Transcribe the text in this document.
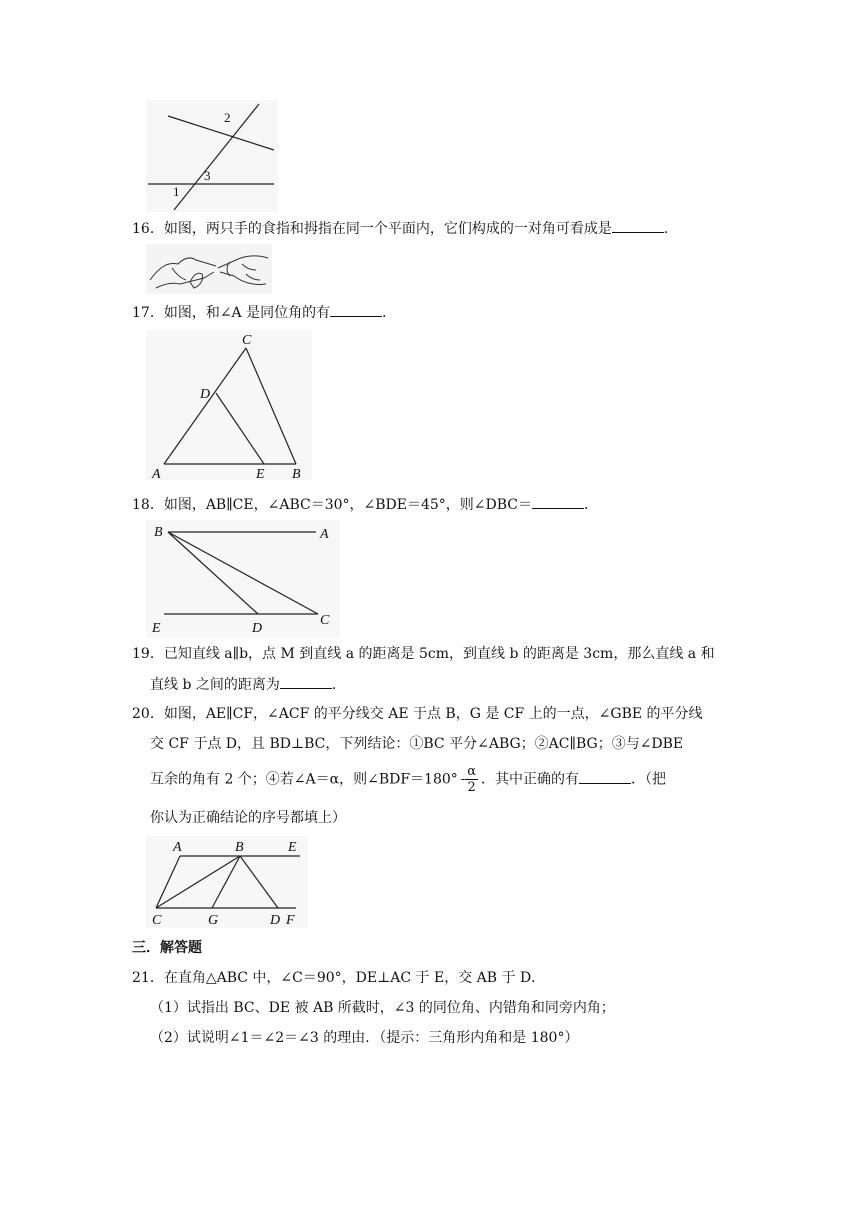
2
3
1
16．如图，两只手的食指和拇指在同一个平面内，它们构成的一对角可看成是	．
17．如图，和∠A 是同位角的有	．
C
D
A	E B
18．如图，AB∥CE，∠ABC＝30°，∠BDE＝45°，则∠DBC＝	．
B	A
E	D
C
19．已知直线 a∥b，点 M 到直线 a 的距离是 5cm，到直线 b 的距离是 3cm，那么直线 a 和
直线 b 之间的距离为	．
20．如图，AE∥CF，∠ACF 的平分线交 AE 于点 B，G 是 CF 上的一点，∠GBE 的平分线
交 CF 于点 D，且 BD⊥BC，下列结论：①BC 平分∠ABG；②AC∥BG；③与∠DBE
互余的角有 2 个；④若∠A＝α，则∠BDF＝180° - $\frac{\alpha}{2}$ ．其中正确的有	．（把
你认为正确结论的序号都填上）
A	B	E
C	G	D F
三．解答题
21．在直角△ABC 中，∠C＝90°，DE⊥AC 于 E，交 AB 于 D．
（1）试指出 BC、DE 被 AB 所截时，∠3 的同位角、内错角和同旁内角；
（2）试说明∠1＝∠2＝∠3 的理由．（提示：三角形内角和是 180°）
